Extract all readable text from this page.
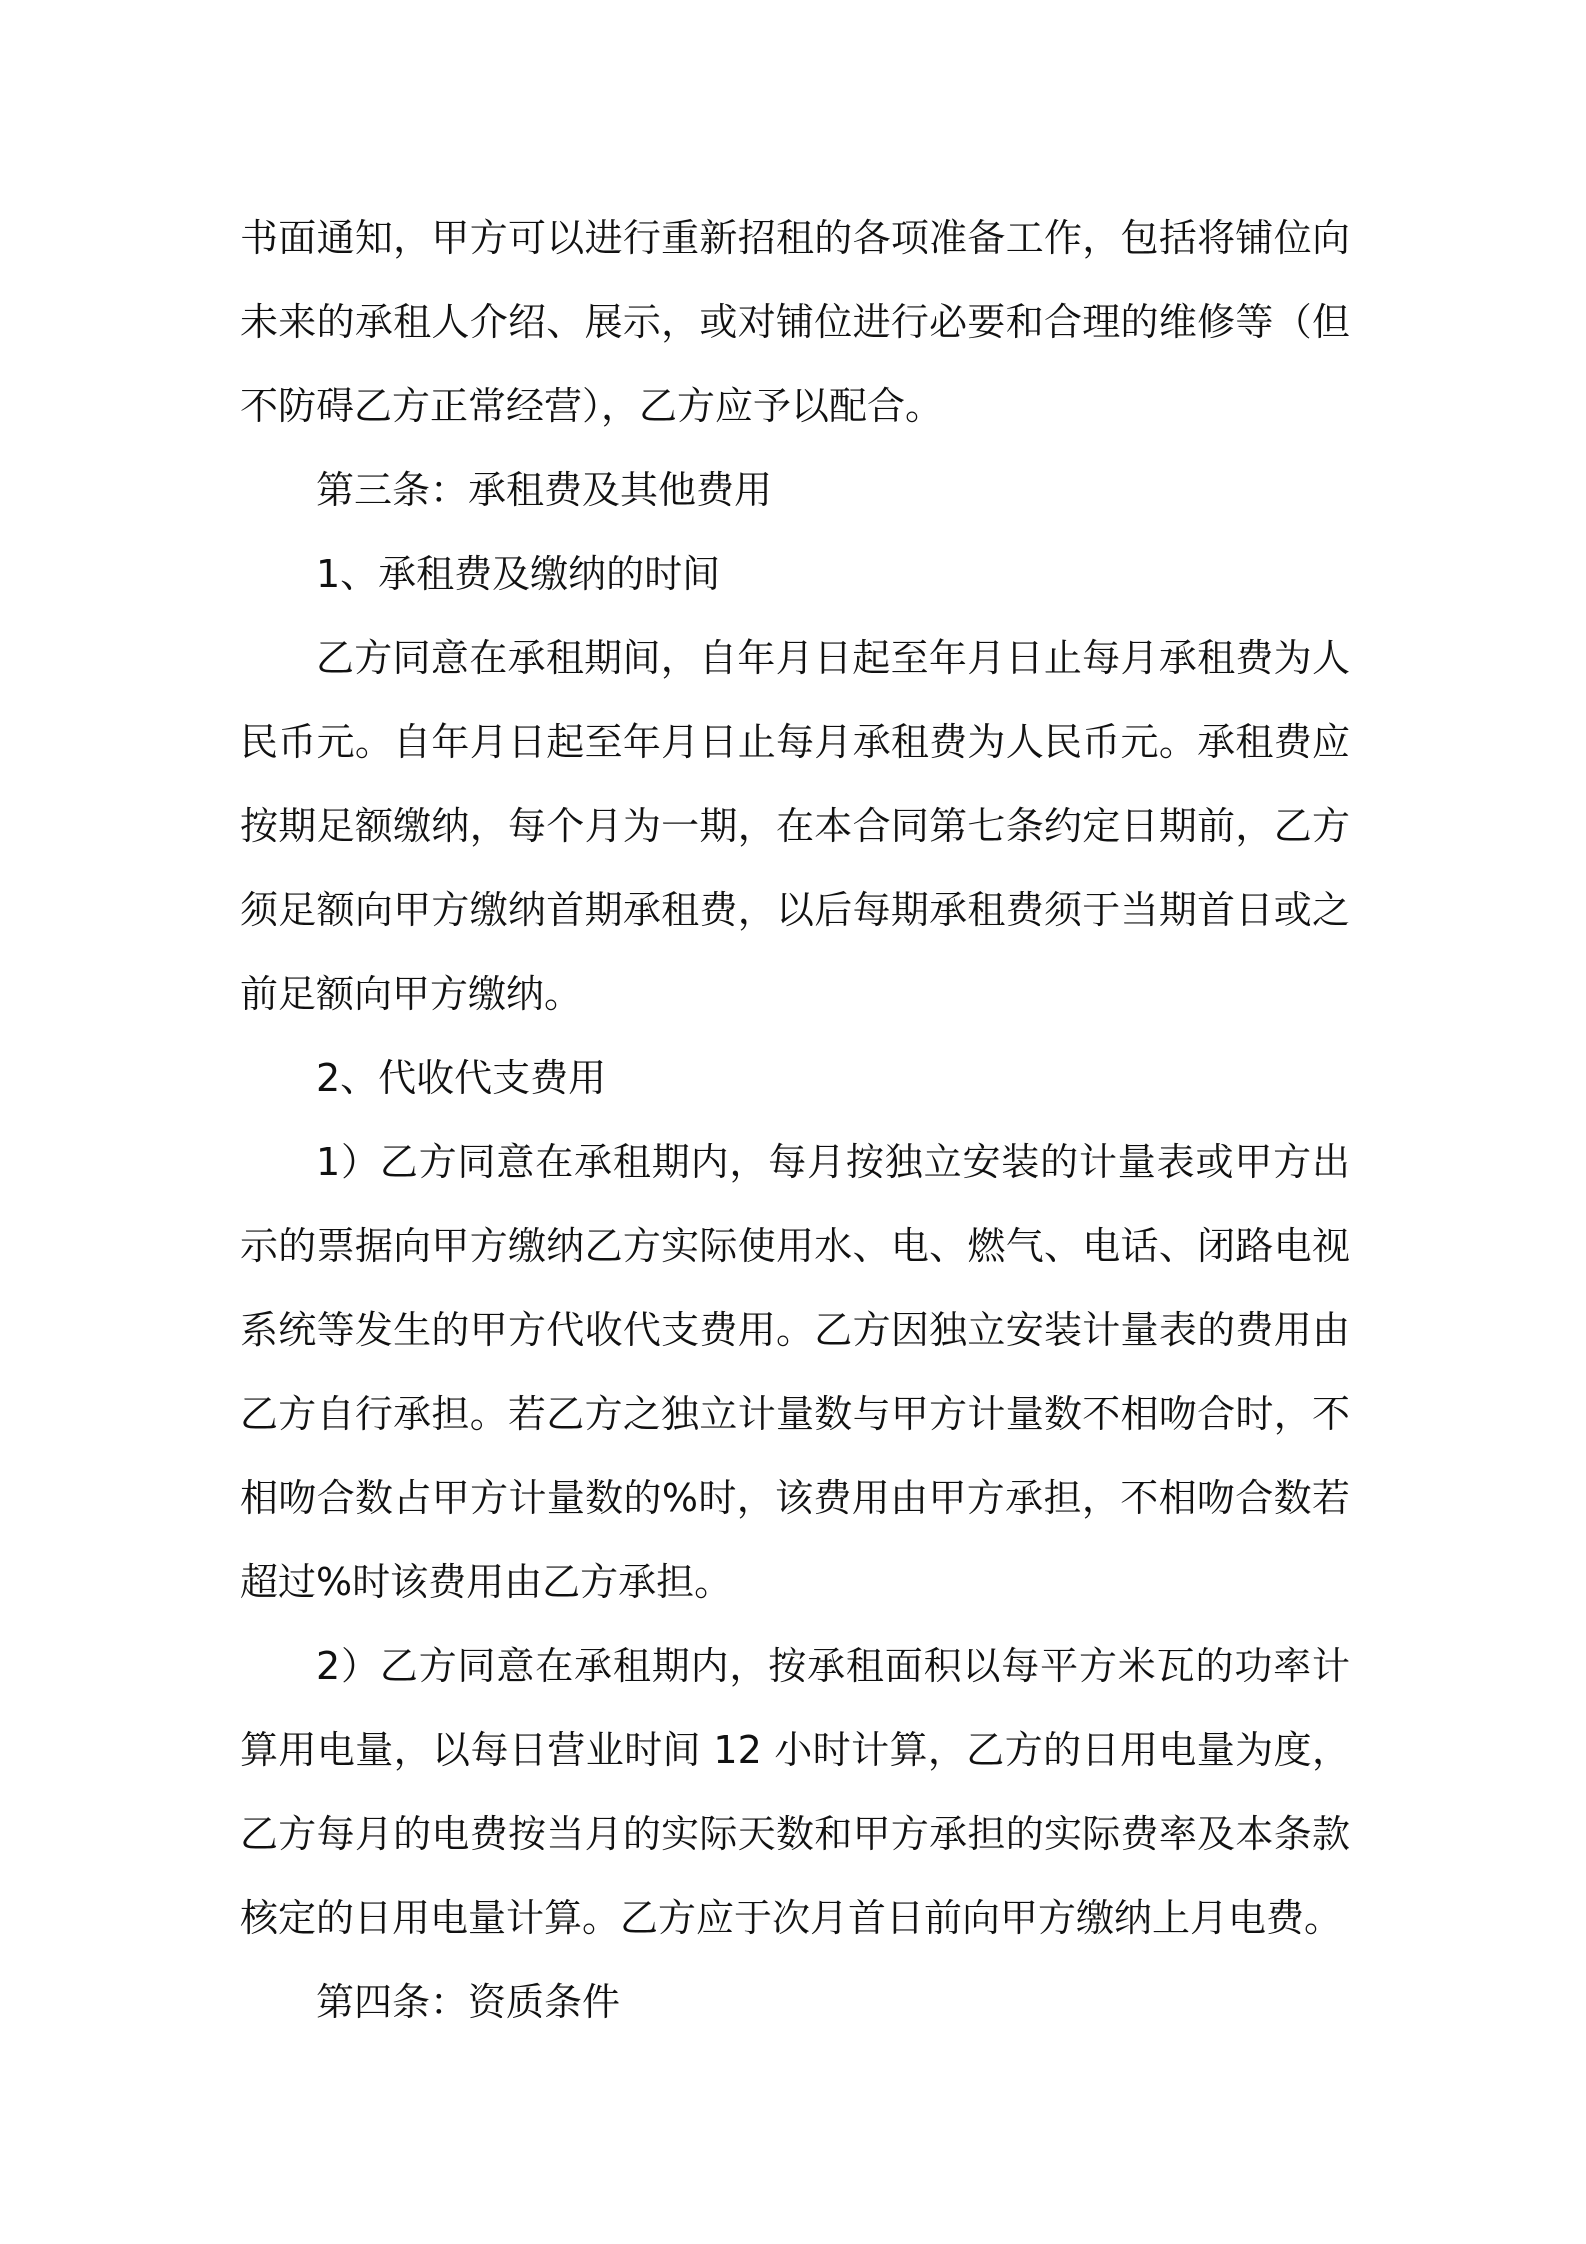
书面通知，甲方可以进行重新招租的各项准备工作，包括将铺位向未来的承租人介绍、展示，或对铺位进行必要和合理的维修等（但不防碍乙方正常经营），乙方应予以配合。

第三条：承租费及其他费用

1、承租费及缴纳的时间

乙方同意在承租期间，自年月日起至年月日止每月承租费为人民币元。自年月日起至年月日止每月承租费为人民币元。承租费应按期足额缴纳，每个月为一期，在本合同第七条约定日期前，乙方须足额向甲方缴纳首期承租费，以后每期承租费须于当期首日或之前足额向甲方缴纳。

2、代收代支费用

1）乙方同意在承租期内，每月按独立安装的计量表或甲方出示的票据向甲方缴纳乙方实际使用水、电、燃气、电话、闭路电视系统等发生的甲方代收代支费用。乙方因独立安装计量表的费用由乙方自行承担。若乙方之独立计量数与甲方计量数不相吻合时，不相吻合数占甲方计量数的%时，该费用由甲方承担，不相吻合数若超过%时该费用由乙方承担。

2）乙方同意在承租期内，按承租面积以每平方米瓦的功率计算用电量，以每日营业时间 12 小时计算，乙方的日用电量为度，乙方每月的电费按当月的实际天数和甲方承担的实际费率及本条款核定的日用电量计算。乙方应于次月首日前向甲方缴纳上月电费。

第四条：资质条件
